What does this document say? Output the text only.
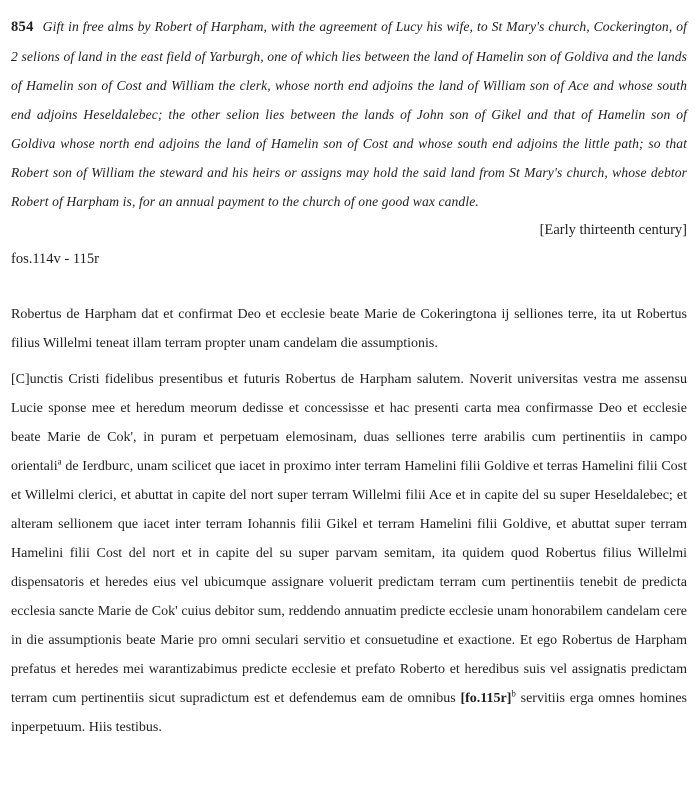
854 Gift in free alms by Robert of Harpham, with the agreement of Lucy his wife, to St Mary's church, Cockerington, of 2 selions of land in the east field of Yarburgh, one of which lies between the land of Hamelin son of Goldiva and the lands of Hamelin son of Cost and William the clerk, whose north end adjoins the land of William son of Ace and whose south end adjoins Heseldalebec; the other selion lies between the lands of John son of Gikel and that of Hamelin son of Goldiva whose north end adjoins the land of Hamelin son of Cost and whose south end adjoins the little path; so that Robert son of William the steward and his heirs or assigns may hold the said land from St Mary's church, whose debtor Robert of Harpham is, for an annual payment to the church of one good wax candle.

[Early thirteenth century]

fos.114v - 115r

Robertus de Harpham dat et confirmat Deo et ecclesie beate Marie de Cokeringtona ij selliones terre, ita ut Robertus filius Willelmi teneat illam terram propter unam candelam die assumptionis.

[C]unctis Cristi fidelibus presentibus et futuris Robertus de Harpham salutem. Noverit universitas vestra me assensu Lucie sponse mee et heredum meorum dedisse et concessisse et hac presenti carta mea confirmasse Deo et ecclesie beate Marie de Cok', in puram et perpetuam elemosinam, duas selliones terre arabilis cum pertinentiis in campo orientali$^a$ de Ierdburc, unam scilicet que iacet in proximo inter terram Hamelini filii Goldive et terras Hamelini filii Cost et Willelmi clerici, et abuttat in capite del nort super terram Willelmi filii Ace et in capite del su super Heseldalebec; et alteram sellionem que iacet inter terram Iohannis filii Gikel et terram Hamelini filii Goldive, et abuttat super terram Hamelini filii Cost del nort et in capite del su super parvam semitam, ita quidem quod Robertus filius Willelmi dispensatoris et heredes eius vel ubicumque assignare voluerit predictam terram cum pertinentiis tenebit de predicta ecclesia sancte Marie de Cok' cuius debitor sum, reddendo annuatim predicte ecclesie unam honorabilem candelam cere in die assumptionis beate Marie pro omni seculari servitio et consuetudine et exactione. Et ego Robertus de Harpham prefatus et heredes mei warantizabimus predicte ecclesie et prefato Roberto et heredibus suis vel assignatis predictam terram cum pertinentiis sicut supradictum est et defendemus eam de omnibus $[fo.115r]^b$ servitiis erga omnes homines inperpetuum. Hiis testibus.
